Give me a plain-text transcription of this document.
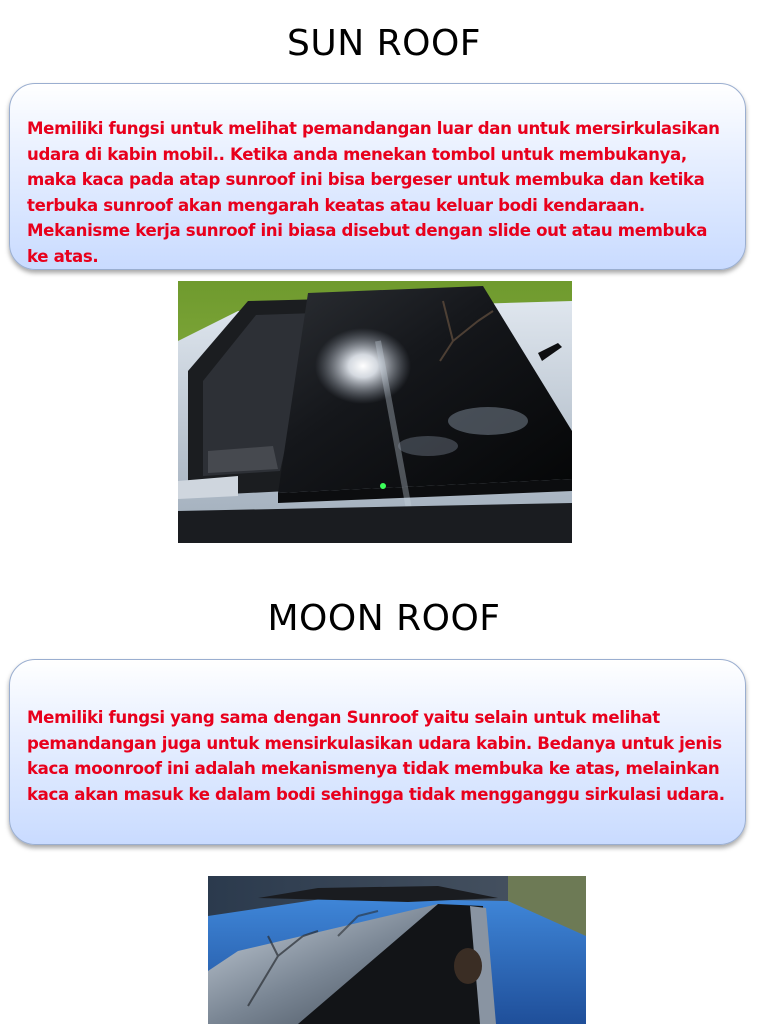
SUN ROOF

Memiliki fungsi untuk melihat pemandangan luar dan untuk mersirkulasikan udara di kabin mobil.. Ketika anda menekan tombol untuk membukanya, maka kaca pada atap sunroof ini bisa bergeser untuk membuka dan ketika terbuka sunroof akan mengarah keatas atau keluar bodi kendaraan. Mekanisme kerja sunroof ini biasa disebut dengan slide out atau membuka ke atas.

MOON ROOF

Memiliki fungsi yang sama dengan Sunroof yaitu selain untuk melihat pemandangan juga untuk mensirkulasikan udara kabin. Bedanya untuk jenis kaca moonroof ini adalah mekanismenya tidak membuka ke atas, melainkan kaca akan masuk ke dalam bodi sehingga tidak mengganggu sirkulasi udara.
